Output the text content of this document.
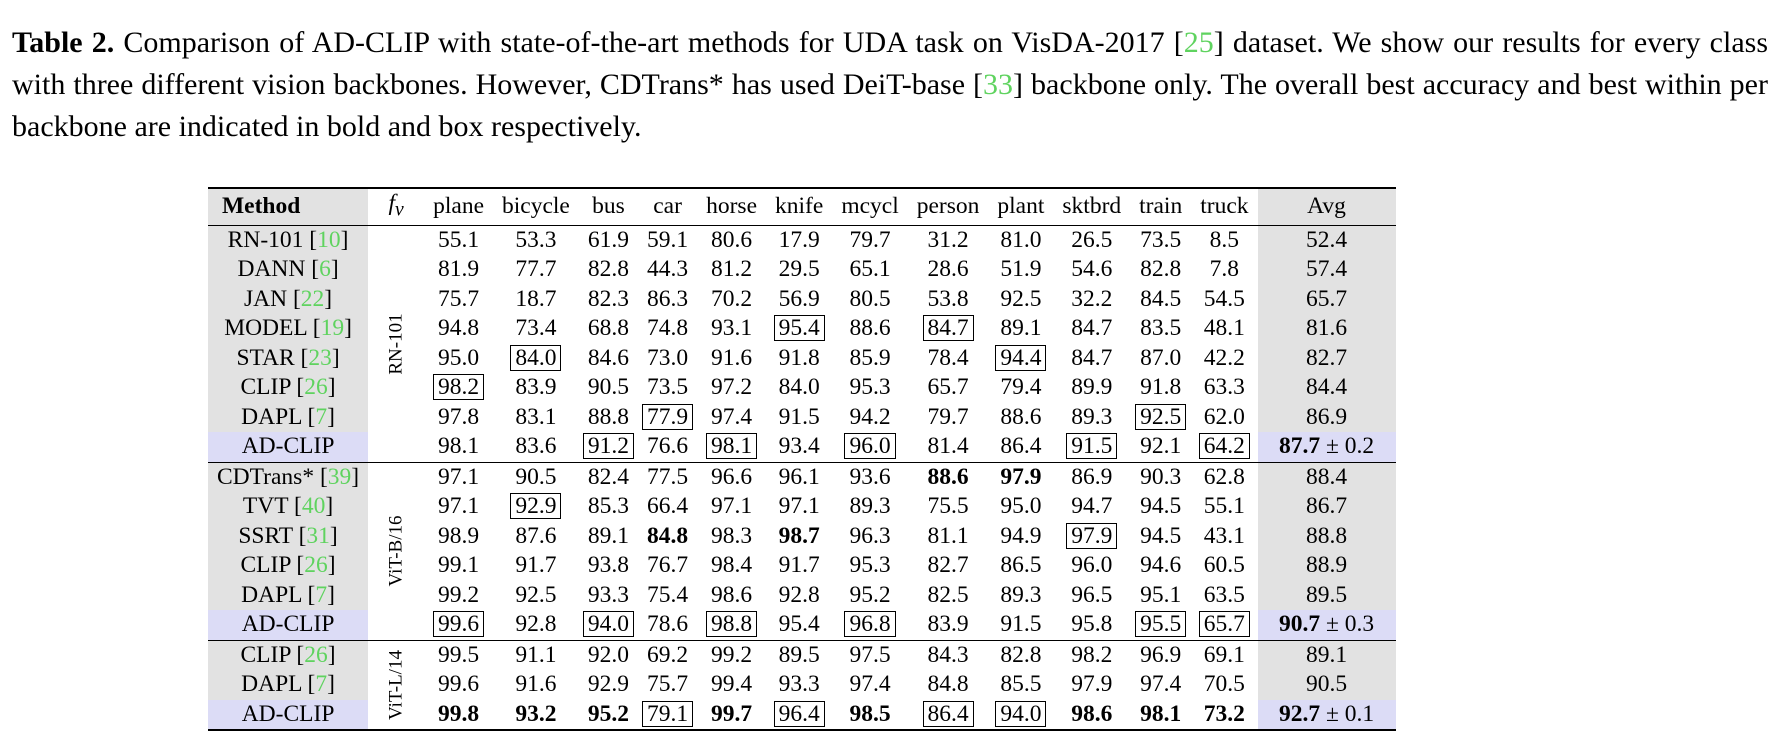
Table 2. Comparison of AD-CLIP with state-of-the-art methods for UDA task on VisDA-2017 [25] dataset. We show our results for every class with three different vision backbones. However, CDTrans* has used DeiT-base [33] backbone only. The overall best accuracy and best within per backbone are indicated in bold and box respectively.
Method	$f_v$	plane	bicycle	bus	car	horse	knife	mcycl	person	plant	sktbrd	train	truck	Avg
RN-101 [10]	RN-101	55.1	53.3	61.9	59.1	80.6	17.9	79.7	31.2	81.0	26.5	73.5	8.5	52.4
DANN [6]		81.9	77.7	82.8	44.3	81.2	29.5	65.1	28.6	51.9	54.6	82.8	7.8	57.4
JAN [22]		75.7	18.7	82.3	86.3	70.2	56.9	80.5	53.8	92.5	32.2	84.5	54.5	65.7
MODEL [19]		94.8	73.4	68.8	74.8	93.1	95.4	88.6	84.7	89.1	84.7	83.5	48.1	81.6
STAR [23]		95.0	84.0	84.6	73.0	91.6	91.8	85.9	78.4	94.4	84.7	87.0	42.2	82.7
CLIP [26]		98.2	83.9	90.5	73.5	97.2	84.0	95.3	65.7	79.4	89.9	91.8	63.3	84.4
DAPL [7]		97.8	83.1	88.8	77.9	97.4	91.5	94.2	79.7	88.6	89.3	92.5	62.0	86.9
AD-CLIP		98.1	83.6	91.2	76.6	98.1	93.4	96.0	81.4	86.4	91.5	92.1	64.2	87.7 ± 0.2
CDTrans* [39]	ViT-B/16	97.1	90.5	82.4	77.5	96.6	96.1	93.6	88.6	97.9	86.9	90.3	62.8	88.4
TVT [40]		97.1	92.9	85.3	66.4	97.1	97.1	89.3	75.5	95.0	94.7	94.5	55.1	86.7
SSRT [31]		98.9	87.6	89.1	84.8	98.3	98.7	96.3	81.1	94.9	97.9	94.5	43.1	88.8
CLIP [26]		99.1	91.7	93.8	76.7	98.4	91.7	95.3	82.7	86.5	96.0	94.6	60.5	88.9
DAPL [7]		99.2	92.5	93.3	75.4	98.6	92.8	95.2	82.5	89.3	96.5	95.1	63.5	89.5
AD-CLIP		99.6	92.8	94.0	78.6	98.8	95.4	96.8	83.9	91.5	95.8	95.5	65.7	90.7 ± 0.3
CLIP [26]	ViT-L/14	99.5	91.1	92.0	69.2	99.2	89.5	97.5	84.3	82.8	98.2	96.9	69.1	89.1
DAPL [7]		99.6	91.6	92.9	75.7	99.4	93.3	97.4	84.8	85.5	97.9	97.4	70.5	90.5
AD-CLIP		99.8	93.2	95.2	79.1	99.7	96.4	98.5	86.4	94.0	98.6	98.1	73.2	92.7 ± 0.1
